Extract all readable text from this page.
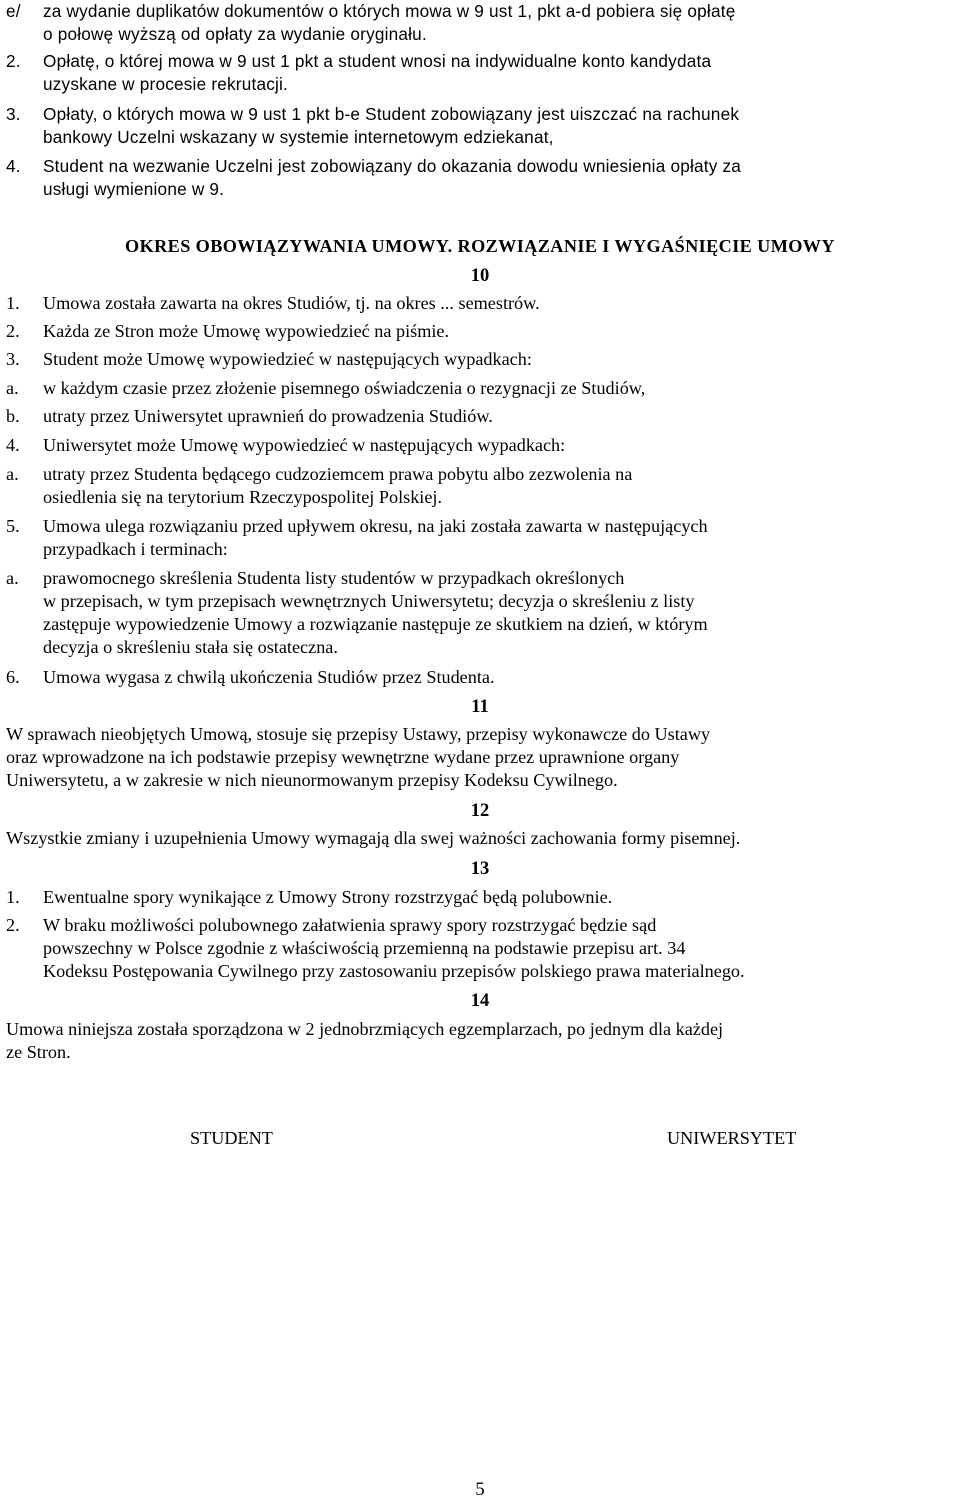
e/ za wydanie duplikatów dokumentów o których mowa w 9 ust 1, pkt a-d pobiera się opłatę
o połowę wyższą od opłaty za wydanie oryginału.
2. Opłatę, o której mowa w 9 ust 1 pkt a student wnosi na indywidualne konto kandydata
uzyskane w procesie rekrutacji.
3. Opłaty, o których mowa w 9 ust 1 pkt b-e Student zobowiązany jest uiszczać na rachunek
bankowy Uczelni wskazany w systemie internetowym edziekanat,
4. Student na wezwanie Uczelni jest zobowiązany do okazania dowodu wniesienia opłaty za
usługi wymienione w 9.
OKRES OBOWIĄZYWANIA UMOWY. ROZWIĄZANIE I WYGAŚNIĘCIE UMOWY
10
1. Umowa została zawarta na okres Studiów, tj. na okres ... semestrów.
2. Każda ze Stron może Umowę wypowiedzieć na piśmie.
3. Student może Umowę wypowiedzieć w następujących wypadkach:
a. w każdym czasie przez złożenie pisemnego oświadczenia o rezygnacji ze Studiów,
b. utraty przez Uniwersytet uprawnień do prowadzenia Studiów.
4. Uniwersytet może Umowę wypowiedzieć w następujących wypadkach:
a. utraty przez Studenta będącego cudzoziemcem prawa pobytu albo zezwolenia na
osiedlenia się na terytorium Rzeczypospolitej Polskiej.
5. Umowa ulega rozwiązaniu przed upływem okresu, na jaki została zawarta w następujących
przypadkach i terminach:
a. prawomocnego skreślenia Studenta listy studentów w przypadkach określonych
w przepisach, w tym przepisach wewnętrznych Uniwersytetu; decyzja o skreśleniu z listy
zastępuje wypowiedzenie Umowy a rozwiązanie następuje ze skutkiem na dzień, w którym
decyzja o skreśleniu stała się ostateczna.
6. Umowa wygasa z chwilą ukończenia Studiów przez Studenta.
11
W sprawach nieobjętych Umową, stosuje się przepisy Ustawy, przepisy wykonawcze do Ustawy
oraz wprowadzone na ich podstawie przepisy wewnętrzne wydane przez uprawnione organy
Uniwersytetu, a w zakresie w nich nieunormowanym przepisy Kodeksu Cywilnego.
12
Wszystkie zmiany i uzupełnienia Umowy wymagają dla swej ważności zachowania formy pisemnej.
13
1. Ewentualne spory wynikające z Umowy Strony rozstrzygać będą polubownie.
2. W braku możliwości polubownego załatwienia sprawy spory rozstrzygać będzie sąd
powszechny w Polsce zgodnie z właściwością przemienną na podstawie przepisu art. 34
Kodeksu Postępowania Cywilnego przy zastosowaniu przepisów polskiego prawa materialnego.
14
Umowa niniejsza została sporządzona w 2 jednobrzmiących egzemplarzach, po jednym dla każdej
ze Stron.
STUDENT	UNIWERSYTET
5
